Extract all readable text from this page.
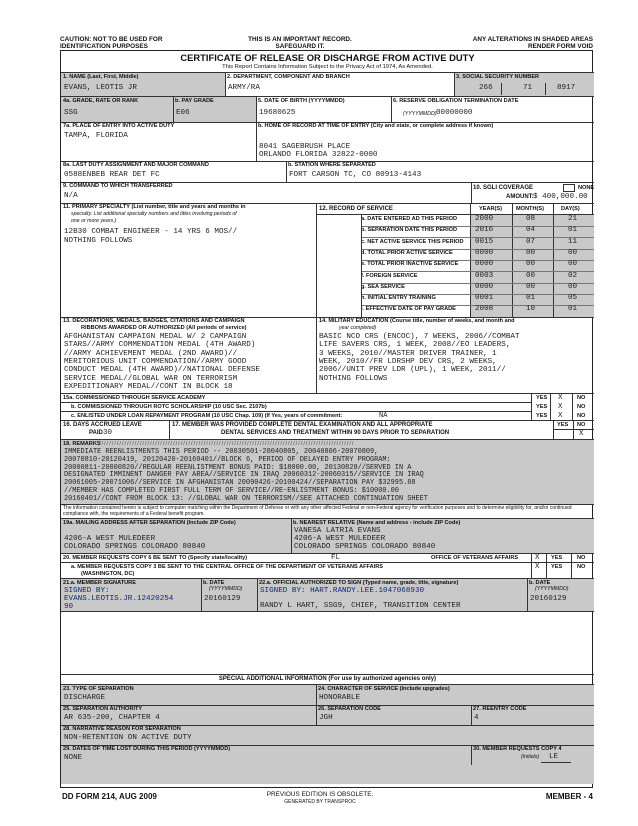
CAUTION: NOT TO BE USED FOR
IDENTIFICATION PURPOSES
THIS IS AN IMPORTANT RECORD.
SAFEGUARD IT.
ANY ALTERATIONS IN SHADED AREAS
RENDER FORM VOID
CERTIFICATE OF RELEASE OR DISCHARGE FROM ACTIVE DUTY
This Report Contains Information Subject to the Privacy Act of 1974, As Amended.
1. NAME (Last, First, Middle)
EVANS, LEOTIS JR
2. DEPARTMENT, COMPONENT AND BRANCH
ARMY/RA
3. SOCIAL SECURITY NUMBER
266	71	8917
4a. GRADE, RATE OR RANK
SSG
b. PAY GRADE
E06
5. DATE OF BIRTH (YYYYMMDD)
19680625
6. RESERVE OBLIGATION TERMINATION DATE
(YYYYMMDD) 00000000
7a. PLACE OF ENTRY INTO ACTIVE DUTY
TAMPA, FLORIDA
b. HOME OF RECORD AT TIME OF ENTRY (City and state, or complete address if known)
8041 SAGEBRUSH PLACE
ORLANDO FLORIDA 32822-0000
8a. LAST DUTY ASSIGNMENT AND MAJOR COMMAND
0588ENBEB REAR DET FC
b. STATION WHERE SEPARATED
FORT CARSON TC, CO 80913-4143
9. COMMAND TO WHICH TRANSFERRED
N/A
10. SGLI COVERAGE	NONE
AMOUNT: $ 400,000.00
11. PRIMARY SPECIALTY (List number, title and years and months in
specialty. List additional specialty numbers and titles involving periods of
one or more years.)
12B30 COMBAT ENGINEER - 14 YRS 6 MOS//
NOTHING FOLLOWS
12. RECORD OF SERVICE	YEAR(S)	MONTH(S)	DAY(S)
13. DECORATIONS, MEDALS, BADGES, CITATIONS AND CAMPAIGN
RIBBONS AWARDED OR AUTHORIZED (All periods of service)
14. MILITARY EDUCATION (Course title, number of weeks, and month and
year completed)
15a. COMMISSIONED THROUGH SERVICE ACADEMY
b. COMMISSIONED THROUGH ROTC SCHOLARSHIP (10 USC Sec. 2107b)
c. ENLISTED UNDER LOAN REPAYMENT PROGRAM (10 USC Chap. 109) (If Yes, years of commitment:	NA
YES X	NO
YES X	NO
YES X	NO
16. DAYS ACCRUED LEAVE
PAID 30
17. MEMBER WAS PROVIDED COMPLETE DENTAL EXAMINATION AND ALL APPROPRIATE
DENTAL SERVICES AND TREATMENT WITHIN 90 DAYS PRIOR TO SEPARATION
YES NO
X
18. REMARKS
////////////////////////////////////////////////////////////////////////////////////////////////////
The information contained herein is subject to computer matching within the Department of Defense or with any other affected Federal or non-Federal agency for verification purposes and to determine eligibility for, and/or continued compliance with, the requirements of a Federal benefit program.
19a. MAILING ADDRESS AFTER SEPARATION (Include ZIP Code)
4206-A WEST MULEDEER
COLORADO SPRINGS COLORADO 80840
b. NEAREST RELATIVE (Name and address - include ZIP Code)
VANESA LATRIA EVANS
4206-A WEST MULEDEER
COLORADO SPRINGS COLORADO 80840
20. MEMBER REQUESTS COPY 6 BE SENT TO (Specify state/locality)	FL	OFFICE OF VETERANS AFFAIRS X YES	NO
a. MEMBER REQUESTS COPY 3 BE SENT TO THE CENTRAL OFFICE OF THE DEPARTMENT OF VETERANS AFFAIRS
(WASHINGTON, DC)
X YES	NO
21.a. MEMBER SIGNATURE
SIGNED BY:
EVANS.LEOTIS.JR.12420254
90
b. DATE
(YYYYMMDD)
20160129
22.a. OFFICIAL AUTHORIZED TO SIGN (Typed name, grade, title, signature)
SIGNED BY: HART.RANDY.LEE.1047068930
RANDY L HART, SSG9, CHIEF, TRANSITION CENTER
b. DATE
(YYYYMMDD)
20160129
SPECIAL ADDITIONAL INFORMATION (For use by authorized agencies only)
23. TYPE OF SEPARATION
DISCHARGE
24. CHARACTER OF SERVICE (Include upgrades)
HONORABLE
25. SEPARATION AUTHORITY
AR 635-200, CHAPTER 4
26. SEPARATION CODE
JGH
27. REENTRY CODE
4
28. NARRATIVE REASON FOR SEPARATION
NON-RETENTION ON ACTIVE DUTY
29. DATES OF TIME LOST DURING THIS PERIOD (YYYYMMDD)
NONE
30. MEMBER REQUESTS COPY 4
(Initials) LE
a. DATE ENTERED AD THIS PERIOD 2000	08	21
b. SEPARATION DATE THIS PERIOD 2016	04	01
c. NET ACTIVE SERVICE THIS PERIOD 0015	07	11
d. TOTAL PRIOR ACTIVE SERVICE	0000	00	00
e. TOTAL PRIOR INACTIVE SERVICE 0000	00	00
f. FOREIGN SERVICE	0003	00	02
g. SEA SERVICE	0000	00	00
h. INITIAL ENTRY TRAINING	0001	01	05
i. EFFECTIVE DATE OF PAY GRADE	2008	10	01
AFGHANISTAN CAMPAIGN MEDAL W/ 2 CAMPAIGN
STARS//ARMY COMMENDATION MEDAL (4TH AWARD)
//ARMY ACHIEVEMENT MEDAL (2ND AWARD)//
MERITORIOUS UNIT COMMENDATION//ARMY GOOD
CONDUCT MEDAL (4TH AWARD)//NATIONAL DEFENSE
SERVICE MEDAL//GLOBAL WAR ON TERRORISM
EXPEDITIONARY MEDAL//CONT IN BLOCK 18
BASIC NCO CRS (ENCOC), 7 WEEKS, 2006//COMBAT
LIFE SAVERS CRS, 1 WEEK, 2008//EO LEADERS,
3 WEEKS, 2010//MASTER DRIVER TRAINER, 1
WEEK, 2010//FR LDRSHP DEV CRS, 2 WEEKS,
2006//UNIT PREV LDR (UPL), 1 WEEK, 2011//
NOTHING FOLLOWS
IMMEDIATE REENLISTMENTS THIS PERIOD -- 20030501-20040805, 20040806-20070809,
20070810-20120419, 20120420-20160401//BLOCK 6, PERIOD OF DELAYED ENTRY PROGRAM:
20000811-20000820//REGULAR REENLISTMENT BONUS PAID: $18000.00, 20130828//SERVED IN A
DESIGNATED IMMINENT DANGER PAY AREA//SERVICE IN IRAQ 20060312-20060315//SERVICE IN IRAQ
20061005-20071006//SERVICE IN AFGHANISTAN 20090426-20100424//SEPARATION PAY $32995.88
//MEMBER HAS COMPLETED FIRST FULL TERM OF SERVICE//RE-ENLISTMENT BONUS: $10000.00
20160401//CONT FROM BLOCK 13: //GLOBAL WAR ON TERRORISM//SEE ATTACHED CONTINUATION SHEET
DD FORM 214, AUG 2009	PREVIOUS EDITION IS OBSOLETE.
GENERATED BY TRANSPROC
MEMBER - 4
